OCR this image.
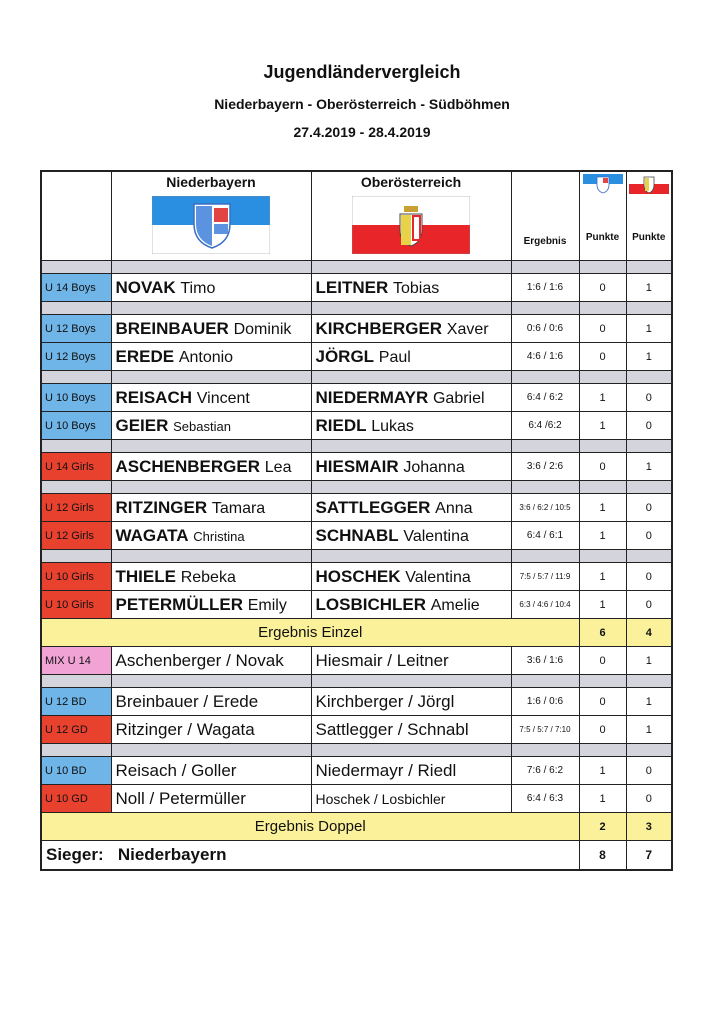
Jugendländervergleich
Niederbayern - Oberösterreich - Südböhmen
27.4.2019 - 28.4.2019

	Niederbayern	Oberösterreich	Ergebnis	Punkte	Punkte

U 14 Boys	NOVAK Timo	LEITNER Tobias	1:6 / 1:6	0	1

U 12 Boys	BREINBAUER Dominik	KIRCHBERGER Xaver	0:6 / 0:6	0	1
U 12 Boys	EREDE Antonio	JÖRGL Paul	4:6 / 1:6	0	1

U 10 Boys	REISACH Vincent	NIEDERMAYR Gabriel	6:4 / 6:2	1	0
U 10 Boys	GEIER Sebastian	RIEDL Lukas	6:4 /6:2	1	0

U 14 Girls	ASCHENBERGER Lea	HIESMAIR Johanna	3:6 / 2:6	0	1

U 12 Girls	RITZINGER Tamara	SATTLEGGER Anna	3:6 / 6:2 / 10:5	1	0
U 12 Girls	WAGATA Christina	SCHNABL Valentina	6:4 / 6:1	1	0

U 10 Girls	THIELE Rebeka	HOSCHEK Valentina	7:5 / 5:7 / 11:9	1	0
U 10 Girls	PETERMÜLLER Emily	LOSBICHLER Amelie	6:3 / 4:6 / 10:4	1	0
Ergebnis Einzel				6	4
MIX U 14	Aschenberger / Novak	Hiesmair / Leitner	3:6 / 1:6	0	1

U 12 BD	Breinbauer / Erede	Kirchberger / Jörgl	1:6 / 0:6	0	1
U 12 GD	Ritzinger / Wagata	Sattlegger / Schnabl	7:5 / 5:7 / 7:10	0	1

U 10 BD	Reisach / Goller	Niedermayr / Riedl	7:6 / 6:2	1	0
U 10 GD	Noll / Petermüller	Hoschek / Losbichler	6:4 / 6:3	1	0
Ergebnis Doppel				2	3
Sieger: Niederbayern				8	7
